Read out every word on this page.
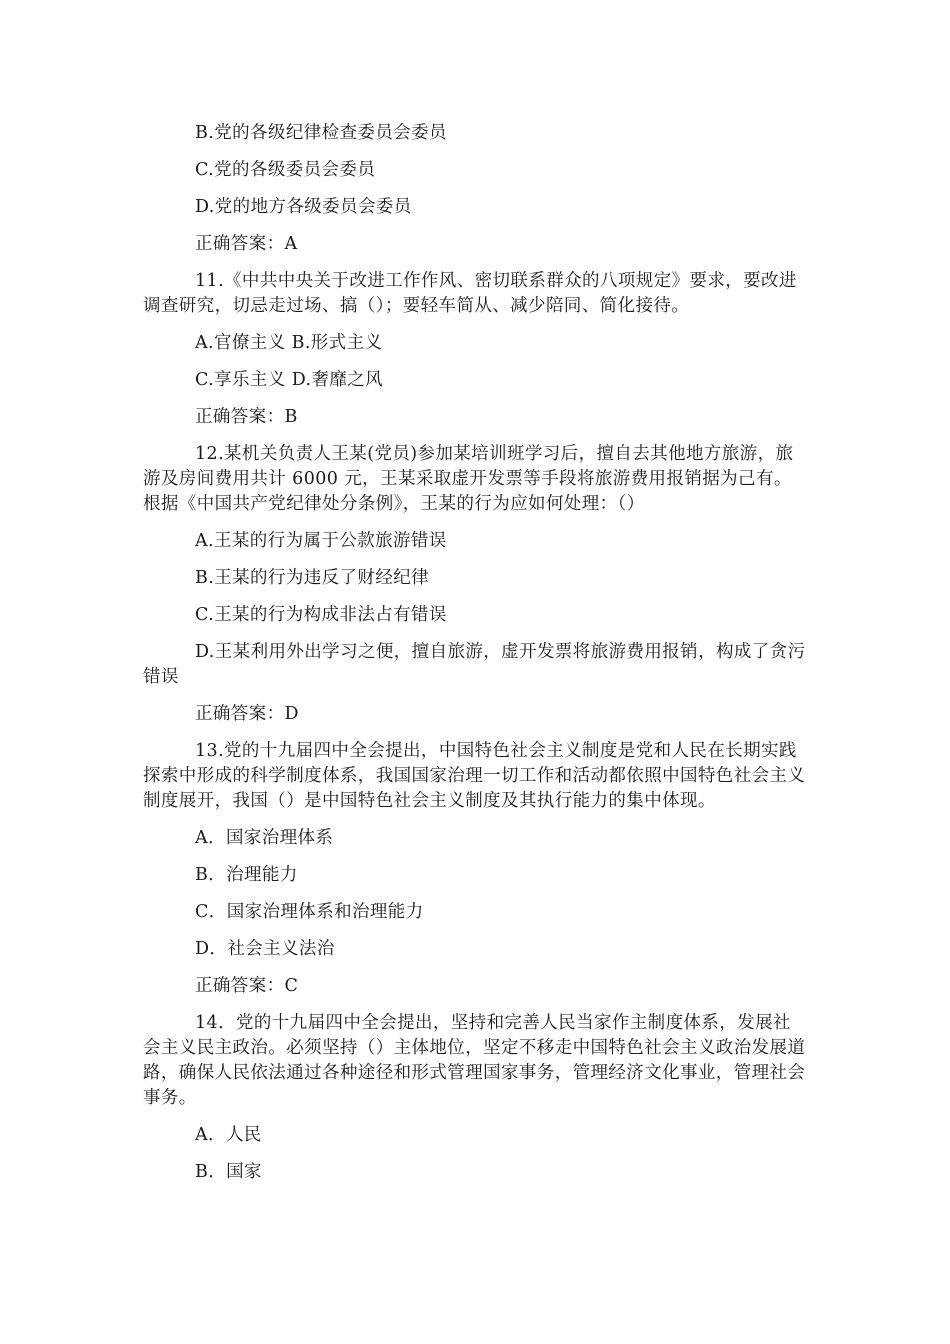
B.党的各级纪律检查委员会委员

C.党的各级委员会委员

D.党的地方各级委员会委员

正确答案：A

11.《中共中央关于改进工作作风、密切联系群众的八项规定》要求，要改进调查研究，切忌走过场、搞（）；要轻车简从、减少陪同、简化接待。

A.官僚主义 B.形式主义

C.享乐主义 D.奢靡之风

正确答案：B

12.某机关负责人王某(党员)参加某培训班学习后，擅自去其他地方旅游，旅游及房间费用共计 6000 元，王某采取虚开发票等手段将旅游费用报销据为己有。根据《中国共产党纪律处分条例》，王某的行为应如何处理：（）

A.王某的行为属于公款旅游错误

B.王某的行为违反了财经纪律

C.王某的行为构成非法占有错误

D.王某利用外出学习之便，擅自旅游，虚开发票将旅游费用报销，构成了贪污错误

正确答案：D

13.党的十九届四中全会提出，中国特色社会主义制度是党和人民在长期实践探索中形成的科学制度体系，我国国家治理一切工作和活动都依照中国特色社会主义制度展开，我国（）是中国特色社会主义制度及其执行能力的集中体现。

A．国家治理体系

B．治理能力

C．国家治理体系和治理能力

D．社会主义法治

正确答案：C

14．党的十九届四中全会提出，坚持和完善人民当家作主制度体系，发展社会主义民主政治。必须坚持（）主体地位，坚定不移走中国特色社会主义政治发展道路，确保人民依法通过各种途径和形式管理国家事务，管理经济文化事业，管理社会事务。

A．人民

B．国家
